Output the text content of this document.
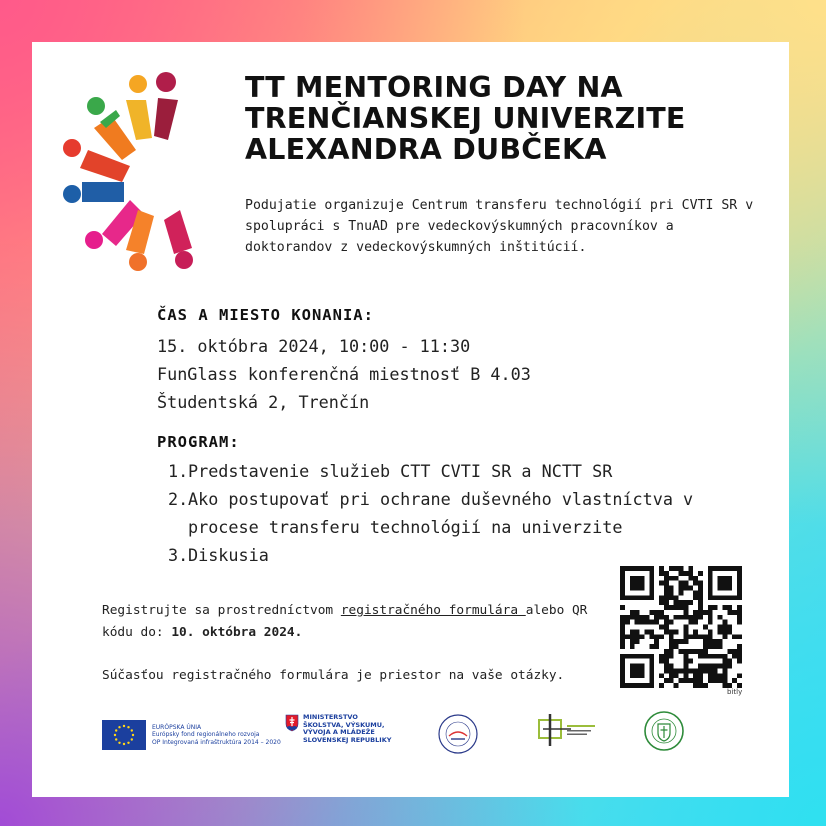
TT MENTORING DAY NA
TRENČIANSKEJ UNIVERZITE
ALEXANDRA DUBČEKA

Podujatie organizuje Centrum transferu technológií pri CVTI SR v spolupráci s TnuAD pre vedeckovýskumných pracovníkov a doktorandov z vedeckovýskumných inštitúcií.

ČAS A MIESTO KONANIA:
15. októbra 2024, 10:00 - 11:30
FunGlass konferenčná miestnosť B 4.03
Študentská 2, Trenčín
PROGRAM:
1. Predstavenie služieb CTT CVTI SR a NCTT SR
2. Ako postupovať pri ochrane duševného vlastníctva v procese transferu technológií na univerzite
3. Diskusia
Registrujte sa prostredníctvom registračného formulára alebo QR kódu do: 10. októbra 2024.
Súčasťou registračného formulára je priestor na vaše otázky.
bitly
EURÓPSKA ÚNIA
Európsky fond regionálneho rozvoja
OP Integrovaná infraštruktúra 2014 – 2020
MINISTERSTVO
ŠKOLSTVA, VÝSKUMU,
VÝVOJA A MLÁDEŽE
SLOVENSKEJ REPUBLIKY
